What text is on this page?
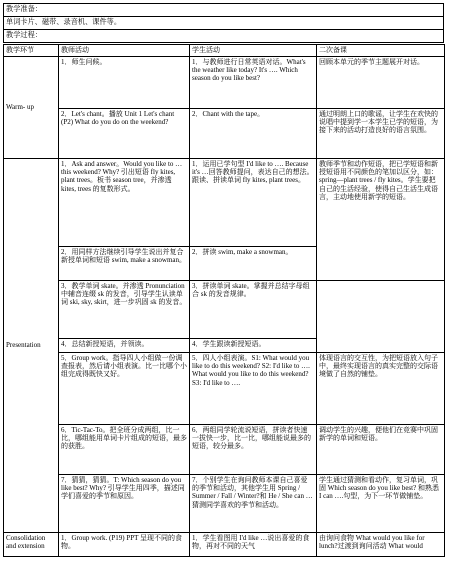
教学准备：
单词卡片、磁带、录音机、课件等。
教学过程：
教学环节	教师活动	学生活动	二次备课
Warm- up	1．师生问候。	1．与教师进行日常英语对话。What's the weather like today? It's …. Which season do you like best?	回顾本单元的季节主题展开对话。
	2．Let's chant。播放 Unit 1 Let's chant (P2) What do you do on the weekend?	2．Chant with the tape。	通过明朗上口的歌谣，让学生在欢快的说唱中提到学一本学生已学的短语，为接下来的活动打造良好的语言氛围。
Presentation	1．Ask and answer。Would you like to … this weekend? Why? 引出短语 fly kites, plant trees。板书 season tree，并渗透 kites, trees 的复数形式。	1．运用已学句型 I'd like to …. Because it's …回答教师提问，表达自己的想法。跟读、拼读单词 fly kites, plant trees。	教师季节和动作短语，把已学短语和新授短语用不同颜色的笔加以区分，如：spring—plant trees / fly kites。学生要把自己的生活经验，使得自己生活生成语言，主动地使用新学的短语。
	2．用同样方法继续引导学生说出并复合新授单词和短语 swim, make a snowman。	2．拼读 swim, make a snowman。	
	3．教学单词 skate。并渗透 Pronunciation 中辅音连缀 sk 的发音，引导学生认读单词 ski, sky, skirt，进一步巩固 sk 的发音。	3．拼读单词 skate。掌握并总结字母组合 sk 的发音规律。	
	4．总结新授短语，并领读。	4．学生跟读新授短语。	
	5．Group work。指导四人小组做一份调查报表，然后请小组表演。比一比哪个小组完成得既快又好。	5．四人小组表演。S1: What would you like to do this weekend? S2: I'd like to …. What would you like to do this weekend? S3: I'd like to ….	体现语言的交互性，为把短语放入句子中，最终实现语言的真实完整的交际语境做了自然的铺垫。
	6．Tic-Tac-To。把全班分成两组，比一比，哪组能用单词卡片组成的短语，最多的获胜。	6．两组同学轮流说短语，拼读者快速一拔快一步，比一比，哪组能说最多的短语，较分最多。	调动学生的兴趣，便他们在竞赛中巩固新学的单词和短语。
	7．猜猜，猜猜。T: Which season do you like best? Why? 引导学生用四季，描述同学们喜爱的季节和原因。	7．个别学生在询问教师本课自己喜爱的季节和活动，其他学生用 Spring / Summer / Fall / Winter?和 He / She can …猜测同学喜欢的季节和活动。	学生通过猜测和看动作，复习单词，巩固 Which season do you like best? 和熟悉 I can ….句型，为下一环节做铺垫。
Consolidation and extension	1．Group work. (P19) PPT 呈现不同的食物。	1．学生看图用 I'd like …说出喜爱的食物，再对不同的天气	由询问食物 What would you like for lunch?过渡到询问活动 What would
